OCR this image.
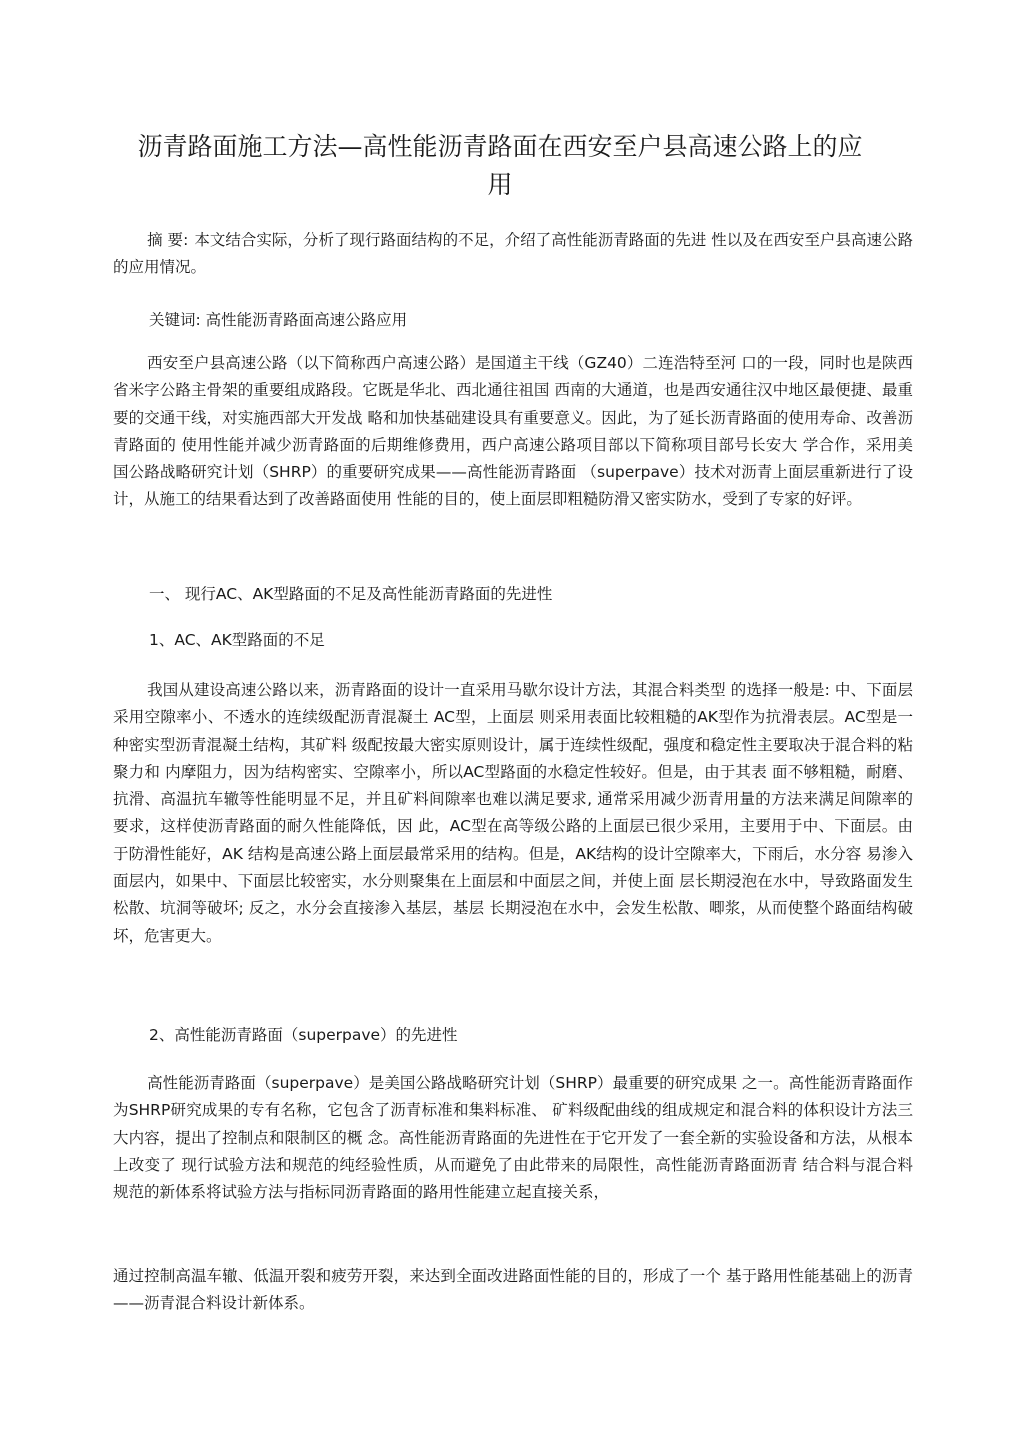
沥青路面施工方法—高性能沥青路面在西安至户县高速公路上的应
用

摘 要: 本文结合实际，分析了现行路面结构的不足，介绍了高性能沥青路面的先进 性以及在西安至户县高速公路的应用情况。

关键词: 高性能沥青路面高速公路应用

西安至户县高速公路（以下简称西户高速公路）是国道主干线（GZ40）二连浩特至河 口的一段，同时也是陕西省米字公路主骨架的重要组成路段。它既是华北、西北通往祖国 西南的大通道，也是西安通往汉中地区最便捷、最重要的交通干线，对实施西部大开发战 略和加快基础建设具有重要意义。因此，为了延长沥青路面的使用寿命、改善沥青路面的 使用性能并减少沥青路面的后期维修费用，西户高速公路项目部以下简称项目部号长安大 学合作，采用美国公路战略研究计划（SHRP）的重要研究成果——高性能沥青路面 （superpave）技术对沥青上面层重新进行了设计，从施工的结果看达到了改善路面使用 性能的目的，使上面层即粗糙防滑又密实防水，受到了专家的好评。

一、 现行AC、AK型路面的不足及高性能沥青路面的先进性

1、AC、AK型路面的不足

我国从建设高速公路以来，沥青路面的设计一直采用马歇尔设计方法，其混合料类型 的选择一般是: 中、下面层采用空隙率小、不透水的连续级配沥青混凝土 AC型，上面层 则采用表面比较粗糙的AK型作为抗滑表层。AC型是一种密实型沥青混凝土结构，其矿料 级配按最大密实原则设计，属于连续性级配，强度和稳定性主要取决于混合料的粘聚力和 内摩阻力，因为结构密实、空隙率小，所以AC型路面的水稳定性较好。但是，由于其表 面不够粗糙，耐磨、抗滑、高温抗车辙等性能明显不足，并且矿料间隙率也难以满足要求, 通常采用减少沥青用量的方法来满足间隙率的要求，这样使沥青路面的耐久性能降低，因 此，AC型在高等级公路的上面层已很少采用，主要用于中、下面层。由于防滑性能好，AK 结构是高速公路上面层最常采用的结构。但是，AK结构的设计空隙率大，下雨后，水分容 易渗入面层内，如果中、下面层比较密实，水分则聚集在上面层和中面层之间，并使上面 层长期浸泡在水中，导致路面发生松散、坑洞等破坏; 反之，水分会直接渗入基层，基层 长期浸泡在水中，会发生松散、唧浆，从而使整个路面结构破坏，危害更大。

2、高性能沥青路面（superpave）的先进性

高性能沥青路面（superpave）是美国公路战略研究计划（SHRP）最重要的研究成果 之一。高性能沥青路面作为SHRP研究成果的专有名称，它包含了沥青标准和集料标准、 矿料级配曲线的组成规定和混合料的体积设计方法三大内容，提出了控制点和限制区的概 念。高性能沥青路面的先进性在于它开发了一套全新的实验设备和方法，从根本上改变了 现行试验方法和规范的纯经验性质，从而避免了由此带来的局限性，高性能沥青路面沥青 结合料与混合料规范的新体系将试验方法与指标同沥青路面的路用性能建立起直接关系，

通过控制高温车辙、低温开裂和疲劳开裂，来达到全面改进路面性能的目的，形成了一个 基于路用性能基础上的沥青——沥青混合料设计新体系。
